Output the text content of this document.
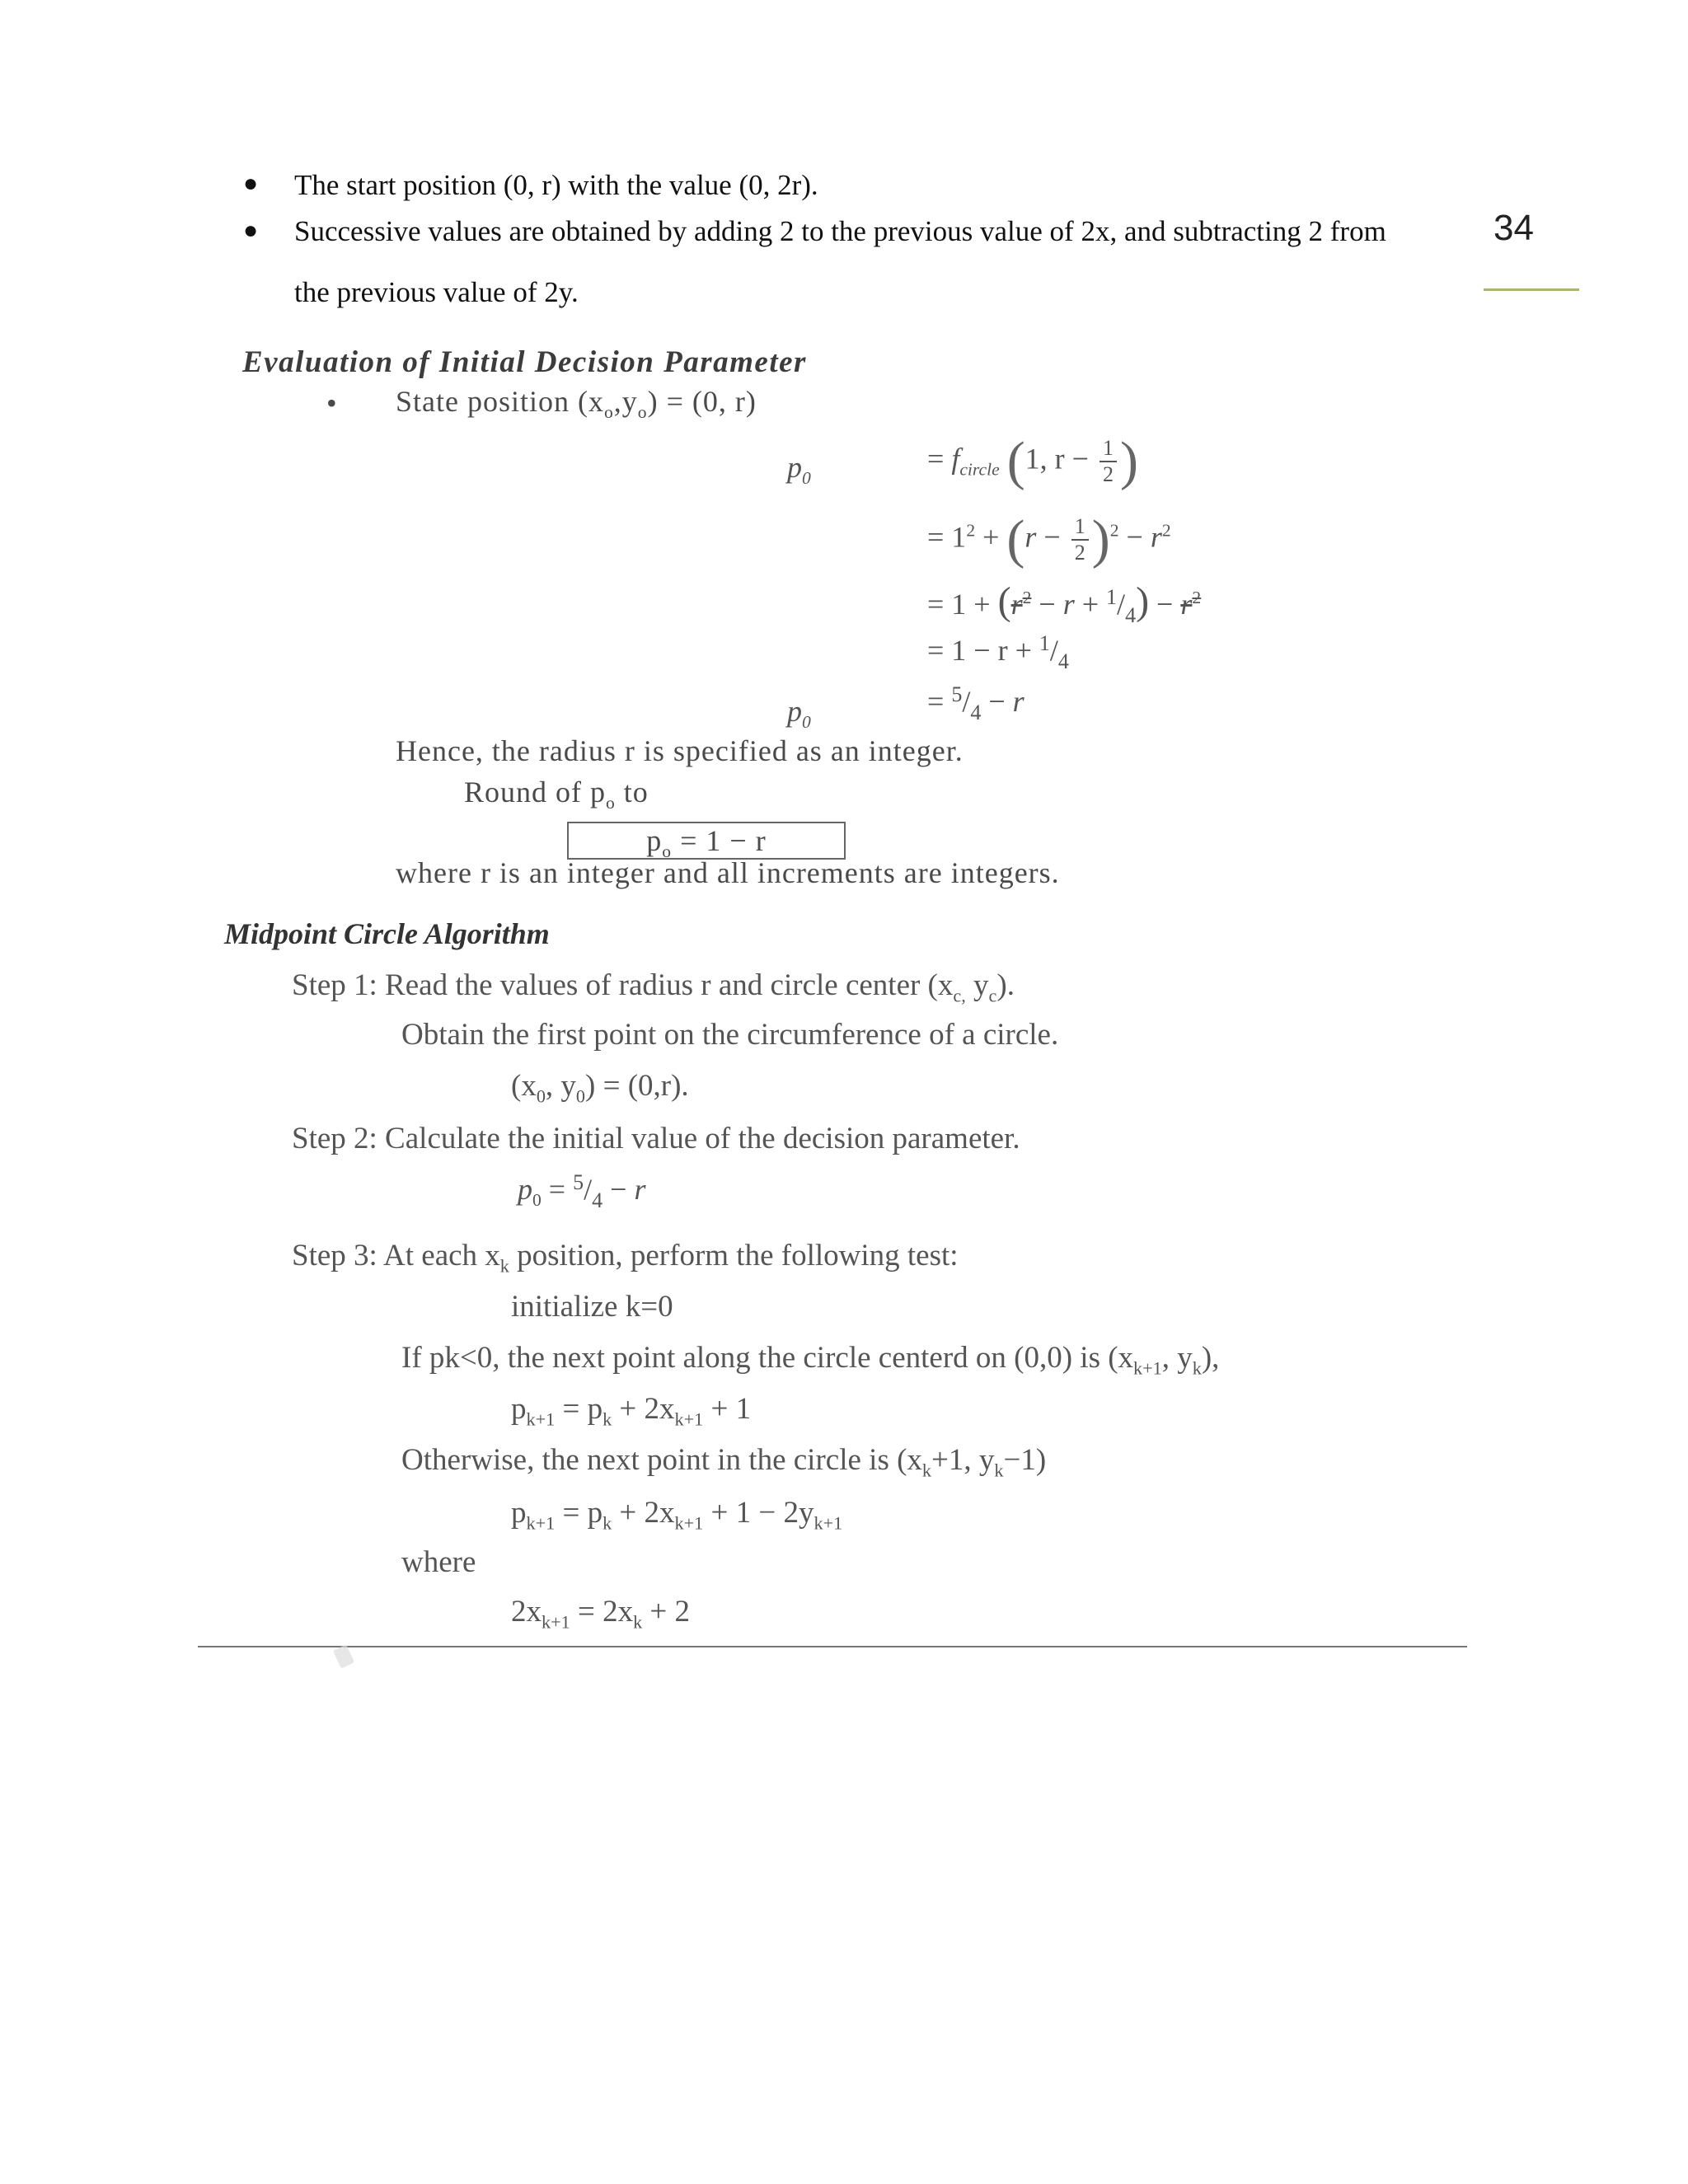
● The start position (0, r) with the value (0, 2r).
● Successive values are obtained by adding 2 to the previous value of 2x, and subtracting 2 from
the previous value of 2y.
34
Evaluation of Initial Decision Parameter
• State position $(x_o,y_o) = (0$, r)
$p_0$
= $f_{circle}$ (1, $r - \frac{1}{2}$ )
= $1^2 + (r - \frac{1}{2} )^2 - r^2$
= $1 + (r^2 - r + ^1/_4) - r^2$
= $1 - r + ^1/_4$
$p_0$
= $^5/_4 - r$
Hence, the radius r is specified as an integer.
Round of $p_o$ to
$p_o = 1 - r$
where r is an integer and all increments are integers.
Midpoint Circle Algorithm
Step 1: Read the values of radius r and circle center ($x_{c,}$ $y_c$).
Obtain the first point on the circumference of a circle.
($x_0$, $y_0) = (0,r)$.
Step 2: Calculate the initial value of the decision parameter.
$p_0 = ^5/_4 - r$
Step 3: At each $x_k$ position, perform the following test:
initialize k=0
If pk<0, the next point along the circle centerd on (0,0) is ($x_{k+1}$, $y_k$),
$p_{k+1} = p_k + 2x_{k+1} + 1$
Otherwise, the next point in the circle is ($x_k+1$, $y_k-1$)
$p_{k+1} = p_k + 2x_{k+1} + 1 - 2y_{k+1}$
where
$2x_{k+1} = 2x_k + 2$
